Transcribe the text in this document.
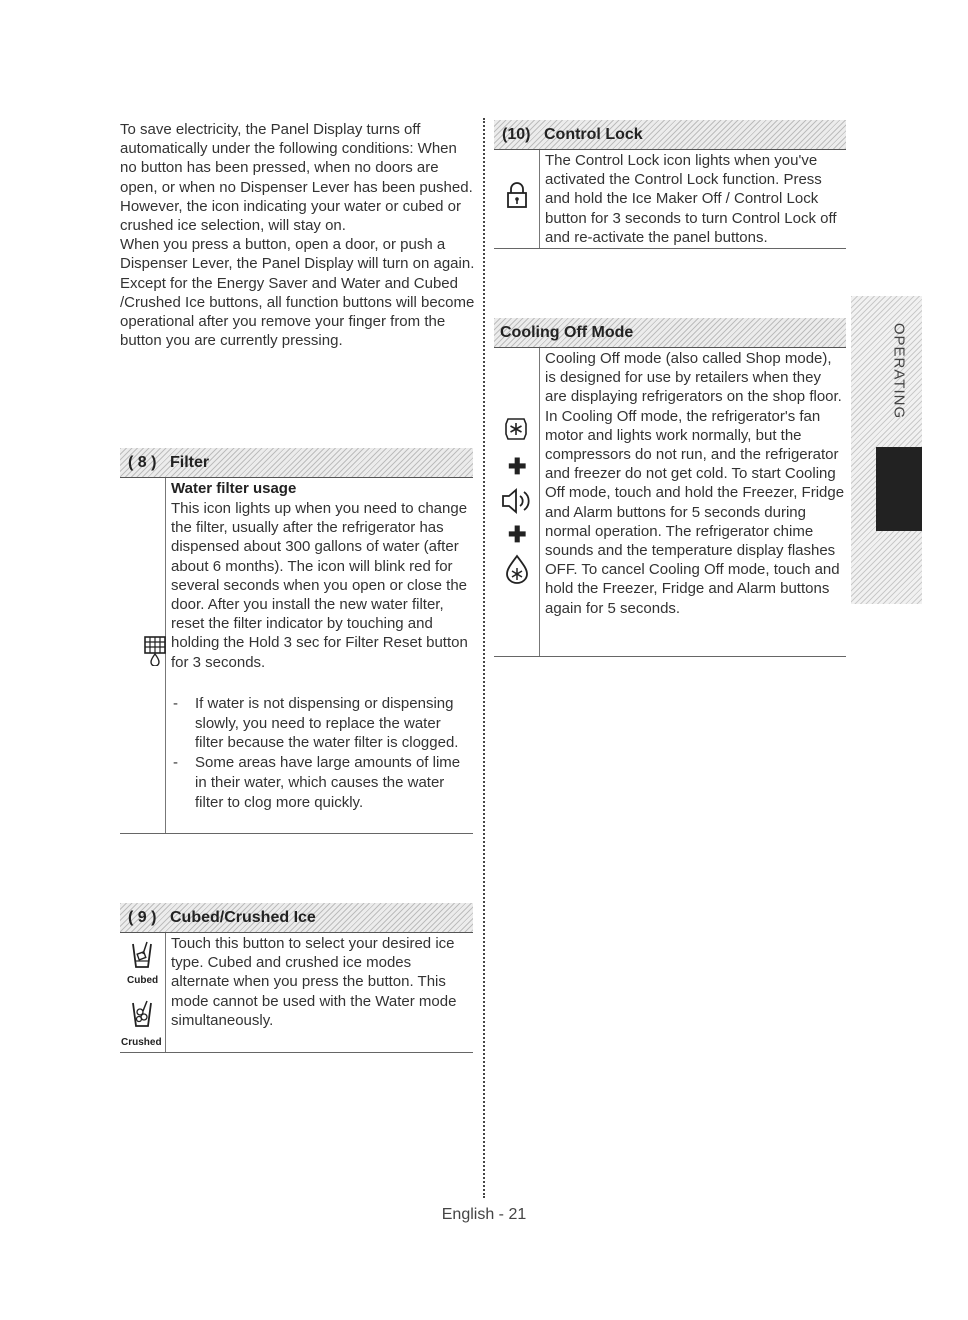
To save electricity, the Panel Display turns off automatically under the following conditions: When no button has been pressed, when no doors are open, or when no Dispenser Lever has been pushed.

However, the icon indicating your water or cubed or crushed ice selection, will stay on.

When you press a button, open a door, or push a Dispenser Lever, the Panel Display will turn on again.

Except for the Energy Saver and Water and Cubed /Crushed Ice buttons, all function buttons will become operational after you remove your finger from the button you are currently pressing.

( 8 ) Filter

Water filter usage

This icon lights up when you need to change the filter, usually after the refrigerator has dispensed about 300 gallons of water (after about 6 months). The icon will blink red for several seconds when you open or close the door. After you install the new water filter, reset the filter indicator by touching and holding the Hold 3 sec for Filter Reset button for 3 seconds.

-	If water is not dispensing or dispensing slowly, you need to replace the water filter because the water filter is clogged.
-	Some areas have large amounts of lime in their water, which causes the water filter to clog more quickly.
( 9 ) Cubed/Crushed Ice
Cubed
Crushed

Touch this button to select your desired ice type. Cubed and crushed ice modes alternate when you press the button. This mode cannot be used with the Water mode simultaneously.

(10) Control Lock

The Control Lock icon lights when you've activated the Control Lock function. Press and hold the Ice Maker Off / Control Lock button for 3 seconds to turn Control Lock off and re-activate the panel buttons.

Cooling Off Mode
✚
✚

Cooling Off mode (also called Shop mode), is designed for use by retailers when they are displaying refrigerators on the shop floor. In Cooling Off mode, the refrigerator's fan motor and lights work normally, but the compressors do not run, and the refrigerator and freezer do not get cold. To start Cooling Off mode, touch and hold the Freezer, Fridge and Alarm buttons for 5 seconds during normal operation. The refrigerator chime sounds and the temperature display flashes OFF. To cancel Cooling Off mode, touch and hold the Freezer, Fridge and Alarm buttons again for 5 seconds.

OPERATING
English - 21
